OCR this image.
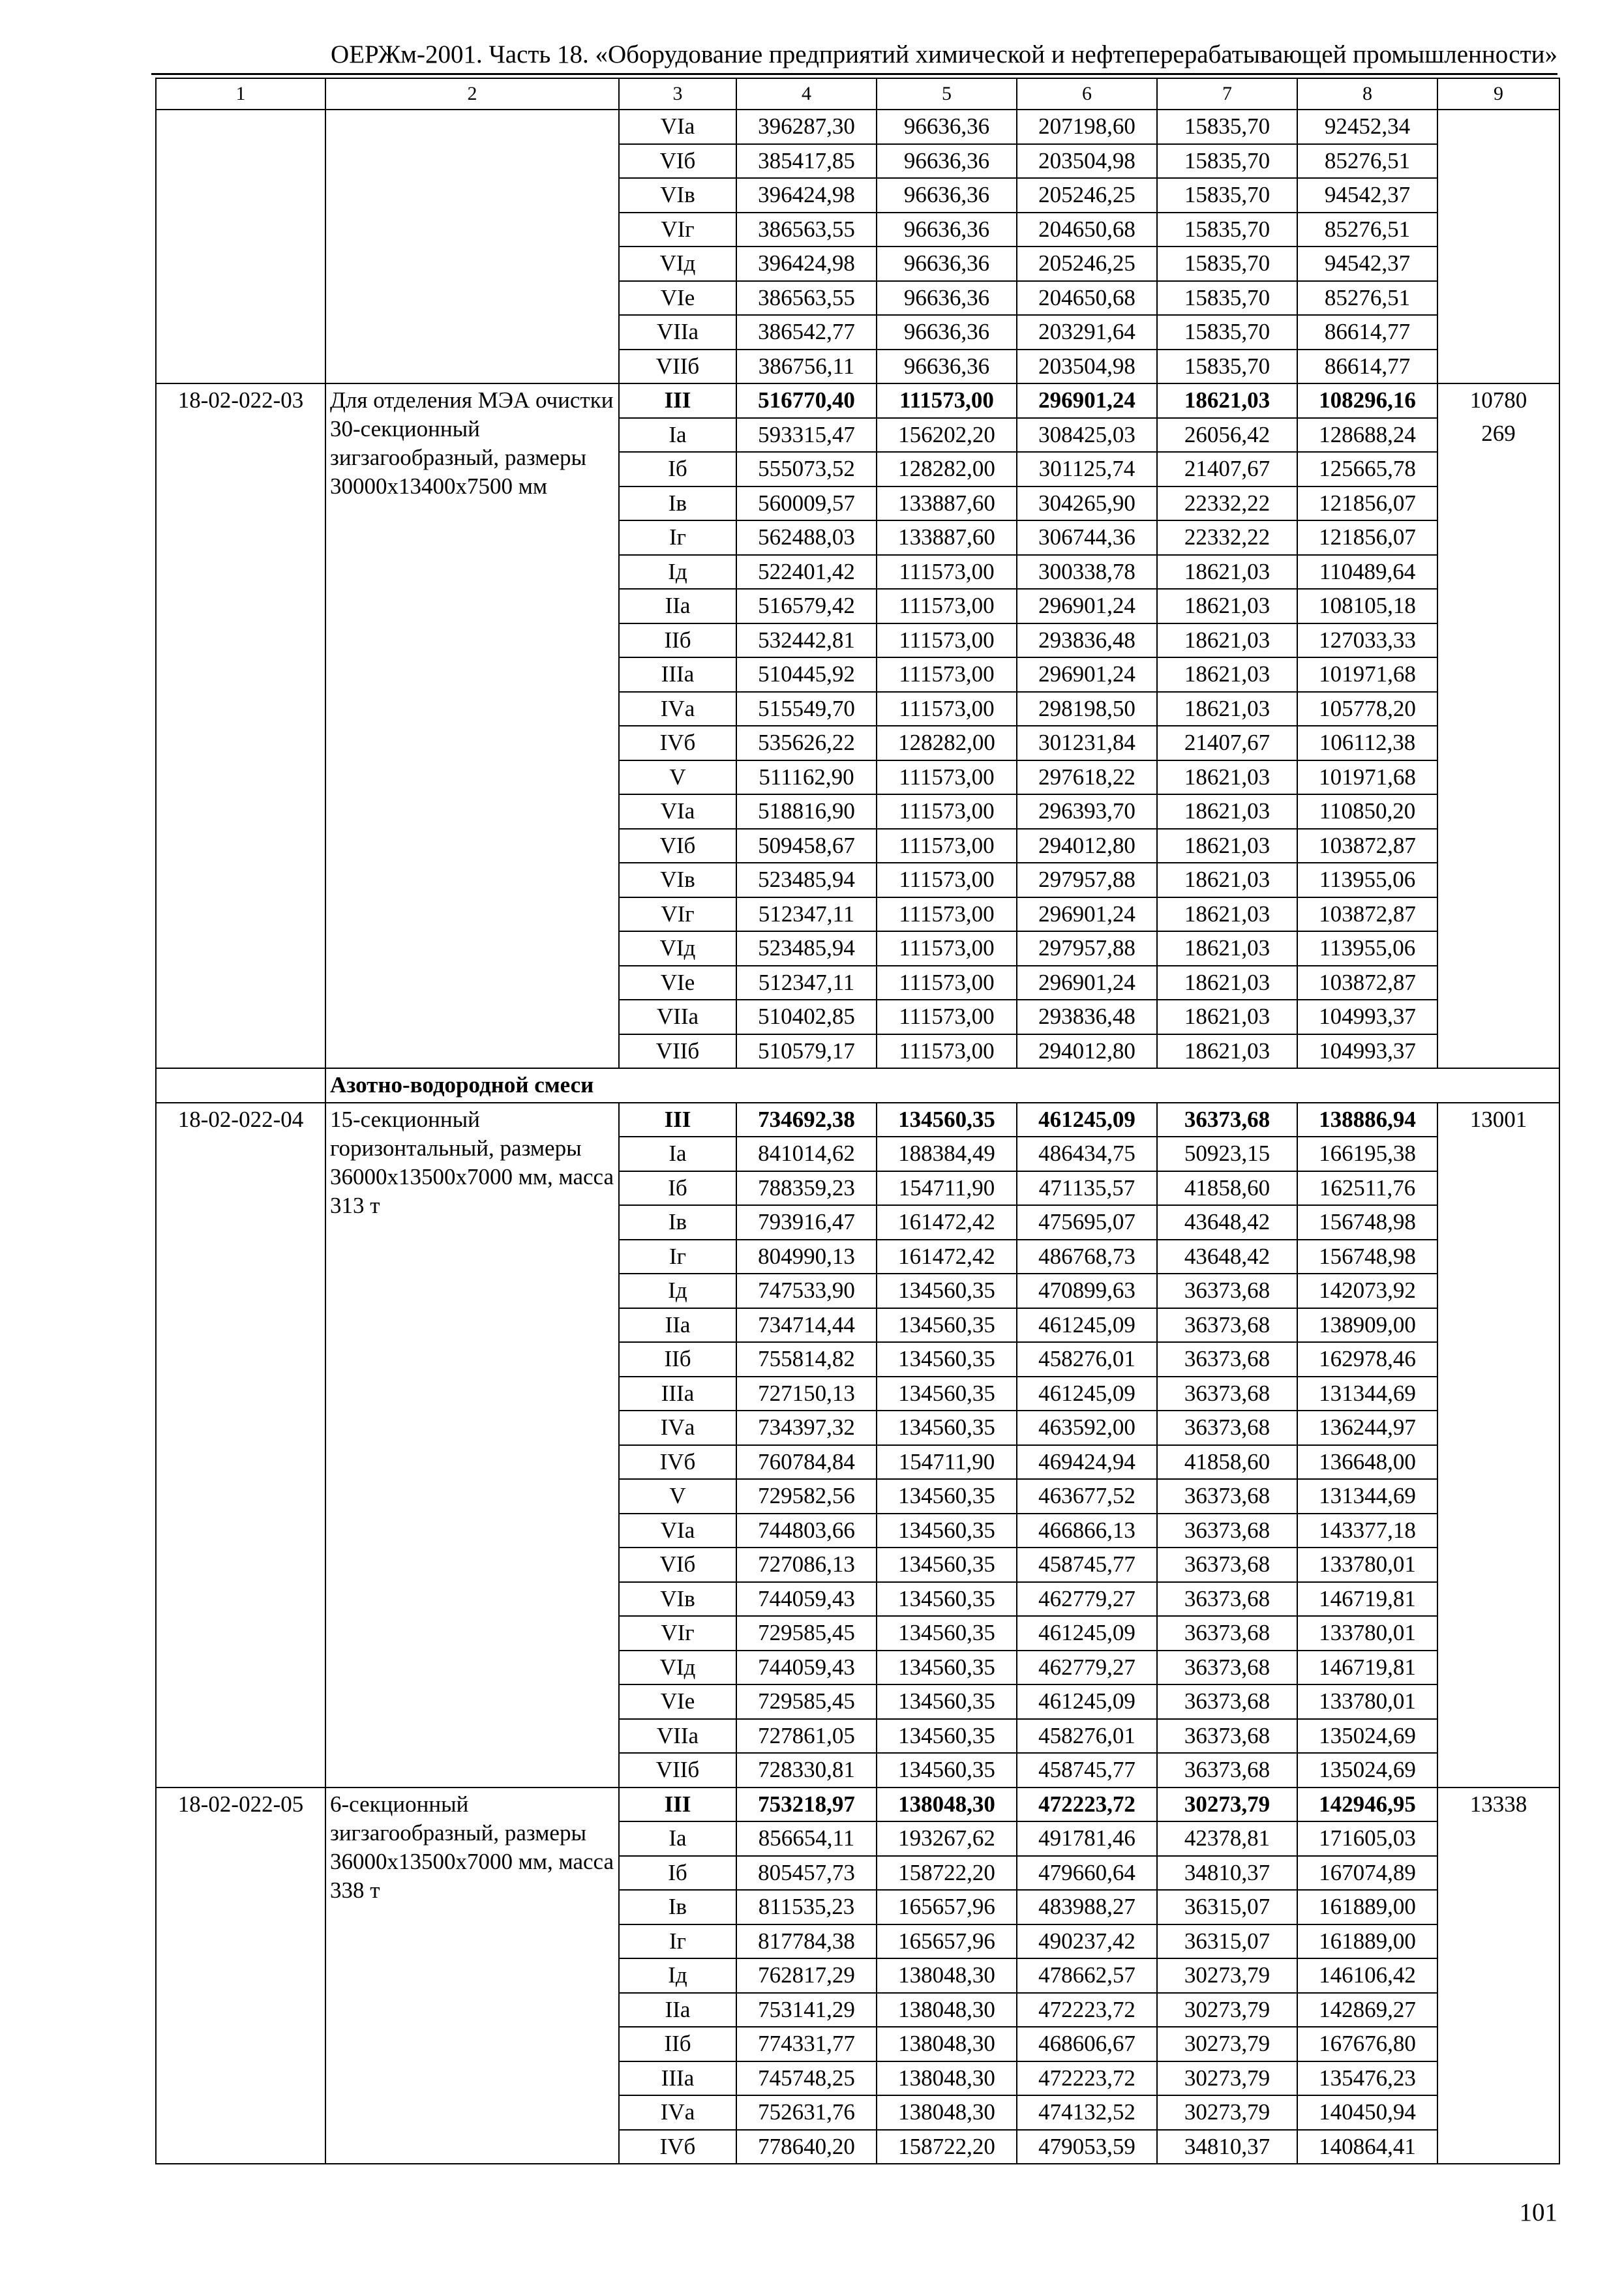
ОЕРЖм-2001. Часть 18. «Оборудование предприятий химической и нефтеперерабатывающей промышленности»
1	2	3	4	5	6	7	8	9
		VIа	396287,30	96636,36	207198,60	15835,70	92452,34	
		VIб	385417,85	96636,36	203504,98	15835,70	85276,51	
		VIв	396424,98	96636,36	205246,25	15835,70	94542,37	
		VIг	386563,55	96636,36	204650,68	15835,70	85276,51	
		VIд	396424,98	96636,36	205246,25	15835,70	94542,37	
		VIе	386563,55	96636,36	204650,68	15835,70	85276,51	
		VIIа	386542,77	96636,36	203291,64	15835,70	86614,77	
		VIIб	386756,11	96636,36	203504,98	15835,70	86614,77	
18-02-022-03	Для отделения МЭА очистки 30-секционный зигзагообразный, размеры 30000х13400х7500 мм	III	516770,40	111573,00	296901,24	18621,03	108296,16	10780
269

		Iа	593315,47	156202,20	308425,03	26056,42	128688,24	
		Iб	555073,52	128282,00	301125,74	21407,67	125665,78	
		Iв	560009,57	133887,60	304265,90	22332,22	121856,07	
		Iг	562488,03	133887,60	306744,36	22332,22	121856,07	
		Iд	522401,42	111573,00	300338,78	18621,03	110489,64	
		IIа	516579,42	111573,00	296901,24	18621,03	108105,18	
		IIб	532442,81	111573,00	293836,48	18621,03	127033,33	
		IIIа	510445,92	111573,00	296901,24	18621,03	101971,68	
		IVа	515549,70	111573,00	298198,50	18621,03	105778,20	
		IVб	535626,22	128282,00	301231,84	21407,67	106112,38	
		V	511162,90	111573,00	297618,22	18621,03	101971,68	
		VIа	518816,90	111573,00	296393,70	18621,03	110850,20	
		VIб	509458,67	111573,00	294012,80	18621,03	103872,87	
		VIв	523485,94	111573,00	297957,88	18621,03	113955,06	
		VIг	512347,11	111573,00	296901,24	18621,03	103872,87	
		VIд	523485,94	111573,00	297957,88	18621,03	113955,06	
		VIе	512347,11	111573,00	296901,24	18621,03	103872,87	
		VIIа	510402,85	111573,00	293836,48	18621,03	104993,37	
		VIIб	510579,17	111573,00	294012,80	18621,03	104993,37	
	Азотно-водородной смеси							
18-02-022-04	15-секционный горизонтальный, размеры 36000х13500х7000 мм, масса 313 т	III	734692,38	134560,35	461245,09	36373,68	138886,94	13001

		Iа	841014,62	188384,49	486434,75	50923,15	166195,38	
		Iб	788359,23	154711,90	471135,57	41858,60	162511,76	
		Iв	793916,47	161472,42	475695,07	43648,42	156748,98	
		Iг	804990,13	161472,42	486768,73	43648,42	156748,98	
		Iд	747533,90	134560,35	470899,63	36373,68	142073,92	
		IIа	734714,44	134560,35	461245,09	36373,68	138909,00	
		IIб	755814,82	134560,35	458276,01	36373,68	162978,46	
		IIIа	727150,13	134560,35	461245,09	36373,68	131344,69	
		IVа	734397,32	134560,35	463592,00	36373,68	136244,97	
		IVб	760784,84	154711,90	469424,94	41858,60	136648,00	
		V	729582,56	134560,35	463677,52	36373,68	131344,69	
		VIа	744803,66	134560,35	466866,13	36373,68	143377,18	
		VIб	727086,13	134560,35	458745,77	36373,68	133780,01	
		VIв	744059,43	134560,35	462779,27	36373,68	146719,81	
		VIг	729585,45	134560,35	461245,09	36373,68	133780,01	
		VIд	744059,43	134560,35	462779,27	36373,68	146719,81	
		VIе	729585,45	134560,35	461245,09	36373,68	133780,01	
		VIIа	727861,05	134560,35	458276,01	36373,68	135024,69	
		VIIб	728330,81	134560,35	458745,77	36373,68	135024,69	
18-02-022-05	6-секционный зигзагообразный, размеры 36000х13500х7000 мм, масса 338 т	III	753218,97	138048,30	472223,72	30273,79	142946,95	13338

		Iа	856654,11	193267,62	491781,46	42378,81	171605,03	
		Iб	805457,73	158722,20	479660,64	34810,37	167074,89	
		Iв	811535,23	165657,96	483988,27	36315,07	161889,00	
		Iг	817784,38	165657,96	490237,42	36315,07	161889,00	
		Iд	762817,29	138048,30	478662,57	30273,79	146106,42	
		IIа	753141,29	138048,30	472223,72	30273,79	142869,27	
		IIб	774331,77	138048,30	468606,67	30273,79	167676,80	
		IIIа	745748,25	138048,30	472223,72	30273,79	135476,23	
		IVа	752631,76	138048,30	474132,52	30273,79	140450,94	
		IVб	778640,20	158722,20	479053,59	34810,37	140864,41	
101
